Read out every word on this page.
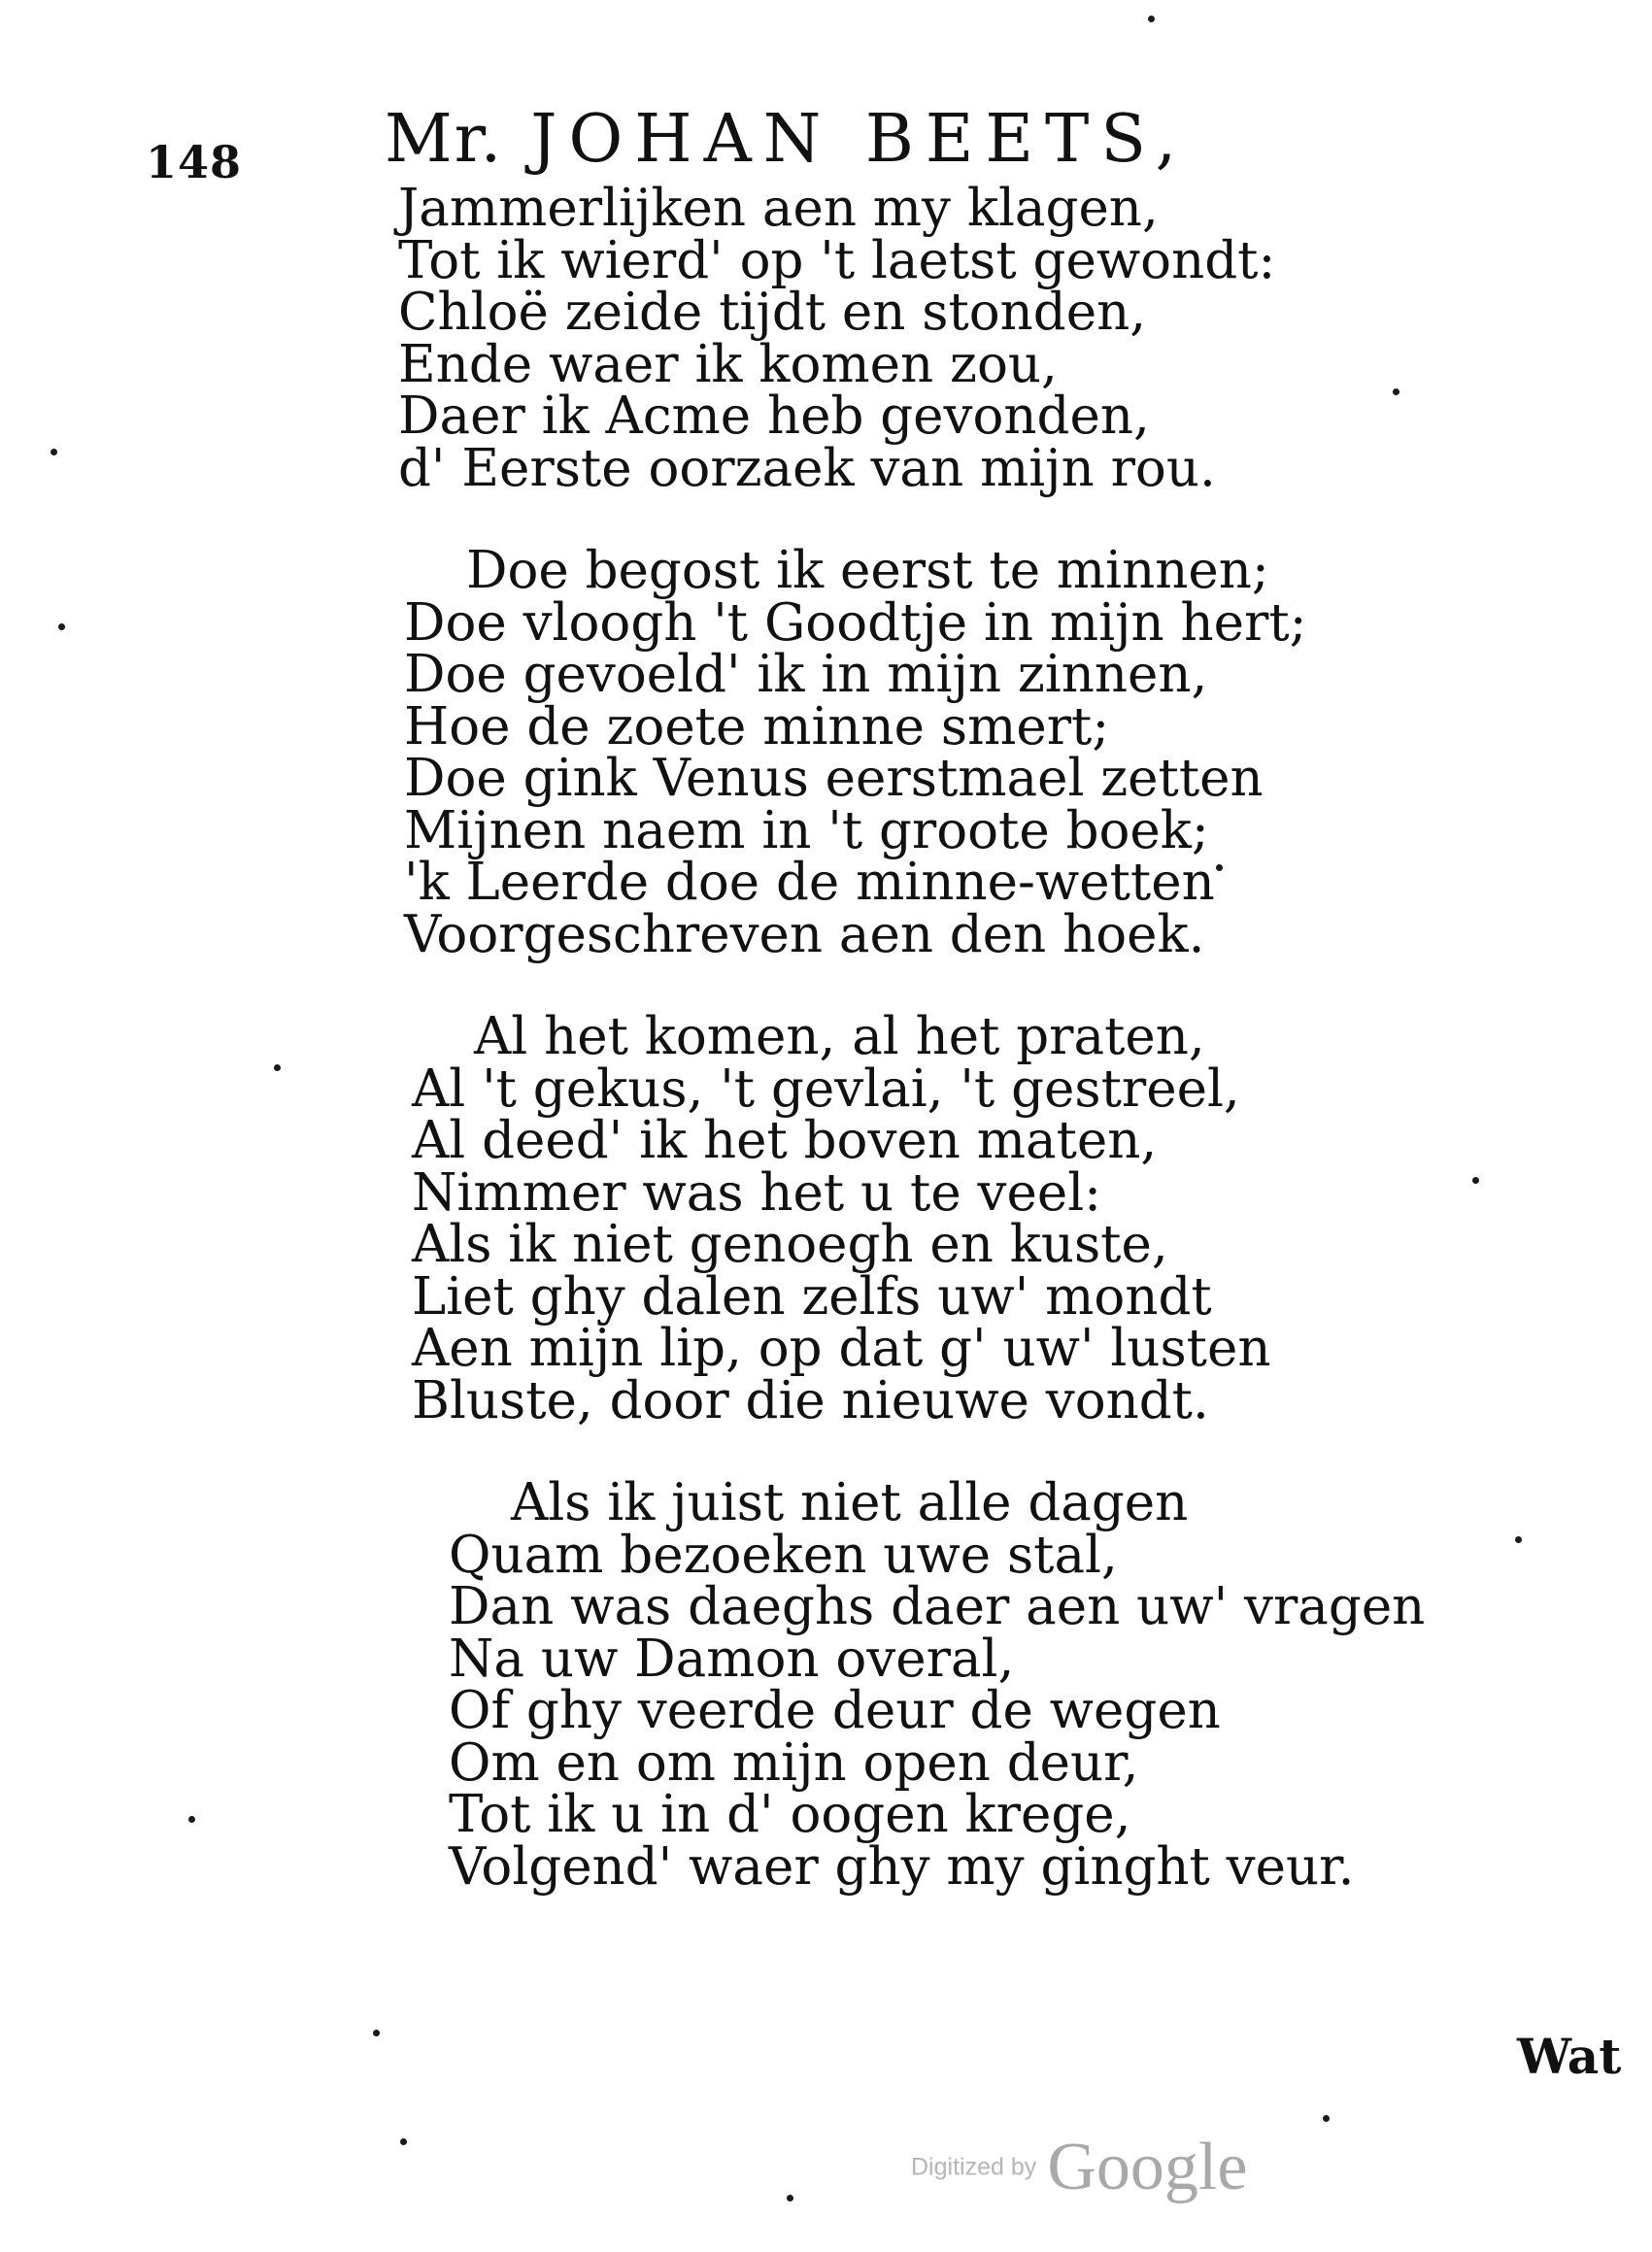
148 Mr. JOHAN BEETS,
Jammerlijken aen my klagen,
Tot ik wierd' op 't laetst gewondt:
Chloë zeide tijdt en stonden,
Ende waer ik komen zou,
Daer ik Acme heb gevonden,
d' Eerste oorzaek van mijn rou.
Doe begost ik eerst te minnen;
Doe vloogh 't Goodtje in mijn hert;
Doe gevoeld' ik in mijn zinnen,
Hoe de zoete minne smert;
Doe gink Venus eerstmael zetten
Mijnen naem in 't groote boek;
'k Leerde doe de minne-wetten
Voorgeschreven aen den hoek.
Al het komen, al het praten,
Al 't gekus, 't gevlai, 't gestreel,
Al deed' ik het boven maten,
Nimmer was het u te veel:
Als ik niet genoegh en kuste,
Liet ghy dalen zelfs uw' mondt
Aen mijn lip, op dat g' uw' lusten
Bluste, door die nieuwe vondt.
Als ik juist niet alle dagen
Quam bezoeken uwe stal,
Dan was daeghs daer aen uw' vragen
Na uw Damon overal,
Of ghy veerde deur de wegen
Om en om mijn open deur,
Tot ik u in d' oogen krege,
Volgend' waer ghy my ginght veur.
Wat
Digitized by Google
